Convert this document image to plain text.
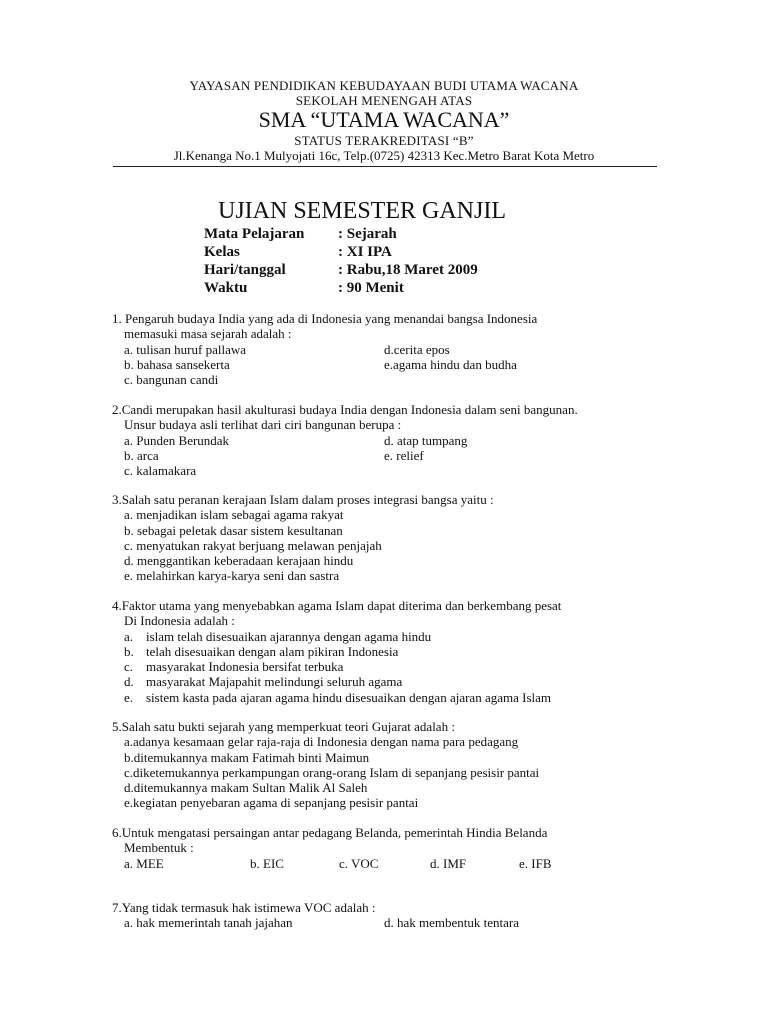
YAYASAN PENDIDIKAN KEBUDAYAAN BUDI UTAMA WACANA
SEKOLAH MENENGAH ATAS
SMA “UTAMA WACANA”
STATUS TERAKREDITASI “B”
Jl.Kenanga No.1 Mulyojati 16c, Telp.(0725) 42313 Kec.Metro Barat Kota Metro
UJIAN SEMESTER GANJIL
Mata Pelajaran : Sejarah
Kelas	: XI IPA
Hari/tanggal	: Rabu,18 Maret 2009
Waktu	: 90 Menit
1. Pengaruh budaya India yang ada di Indonesia yang menandai bangsa Indonesia
memasuki masa sejarah adalah :
a. tulisan huruf pallawa	d.cerita epos
b. bahasa sansekerta	e.agama hindu dan budha
c. bangunan candi
2.Candi merupakan hasil akulturasi budaya India dengan Indonesia dalam seni bangunan.
Unsur budaya asli terlihat dari ciri bangunan berupa :
a. Punden Berundak	d. atap tumpang
b. arca	e. relief
c. kalamakara
3.Salah satu peranan kerajaan Islam dalam proses integrasi bangsa yaitu :
a. menjadikan islam sebagai agama rakyat
b. sebagai peletak dasar sistem kesultanan
c. menyatukan rakyat berjuang melawan penjajah
d. menggantikan keberadaan kerajaan hindu
e. melahirkan karya-karya seni dan sastra
4.Faktor utama yang menyebabkan agama Islam dapat diterima dan berkembang pesat
Di Indonesia adalah :
a. islam telah disesuaikan ajarannya dengan agama hindu
b. telah disesuaikan dengan alam pikiran Indonesia
c. masyarakat Indonesia bersifat terbuka
d. masyarakat Majapahit melindungi seluruh agama
e. sistem kasta pada ajaran agama hindu disesuaikan dengan ajaran agama Islam
5.Salah satu bukti sejarah yang memperkuat teori Gujarat adalah :
a.adanya kesamaan gelar raja-raja di Indonesia dengan nama para pedagang
b.ditemukannya makam Fatimah binti Maimun
c.diketemukannya perkampungan orang-orang Islam di sepanjang pesisir pantai
d.ditemukannya makam Sultan Malik Al Saleh
e.kegiatan penyebaran agama di sepanjang pesisir pantai
6.Untuk mengatasi persaingan antar pedagang Belanda, pemerintah Hindia Belanda
Membentuk :
a. MEE	b. EIC	c. VOC	d. IMF	e. IFB
7.Yang tidak termasuk hak istimewa VOC adalah :
a. hak memerintah tanah jajahan	d. hak membentuk tentara
